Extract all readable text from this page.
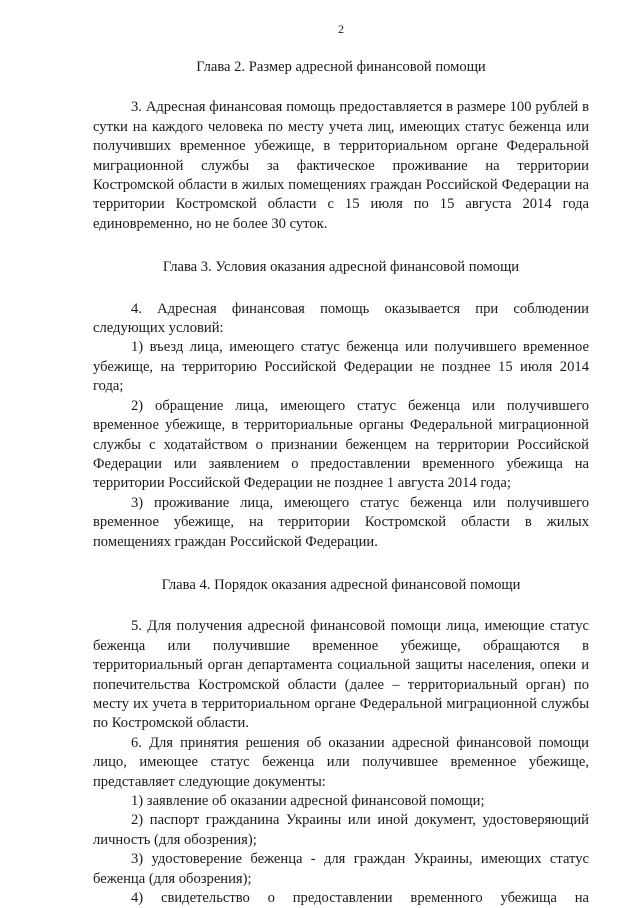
2
Глава 2. Размер адресной финансовой помощи

3. Адресная финансовая помощь предоставляется в размере 100 рублей в сутки на каждого человека по месту учета лиц, имеющих статус беженца или получивших временное убежище, в территориальном органе Федеральной миграционной службы за фактическое проживание на территории Костромской области в жилых помещениях граждан Российской Федерации на территории Костромской области с 15 июля по 15 августа 2014 года единовременно, но не более 30 суток.

Глава 3. Условия оказания адресной финансовой помощи

4. Адресная финансовая помощь оказывается при соблюдении следующих условий:

1) въезд лица, имеющего статус беженца или получившего временное убежище, на территорию Российской Федерации не позднее 15 июля 2014 года;

2) обращение лица, имеющего статус беженца или получившего временное убежище, в территориальные органы Федеральной миграционной службы с ходатайством о признании беженцем на территории Российской Федерации или заявлением о предоставлении временного убежища на территории Российской Федерации не позднее 1 августа 2014 года;

3) проживание лица, имеющего статус беженца или получившего временное убежище, на территории Костромской области в жилых помещениях граждан Российской Федерации.

Глава 4. Порядок оказания адресной финансовой помощи

5. Для получения адресной финансовой помощи лица, имеющие статус беженца или получившие временное убежище, обращаются в территориальный орган департамента социальной защиты населения, опеки и попечительства Костромской области (далее – территориальный орган) по месту их учета в территориальном органе Федеральной миграционной службы по Костромской области.

6. Для принятия решения об оказании адресной финансовой помощи лицо, имеющее статус беженца или получившее временное убежище, представляет следующие документы:

1) заявление об оказании адресной финансовой помощи;

2) паспорт гражданина Украины или иной документ, удостоверяющий личность (для обозрения);

3) удостоверение беженца - для граждан Украины, имеющих статус беженца (для обозрения);

4) свидетельство о предоставлении временного убежища на
